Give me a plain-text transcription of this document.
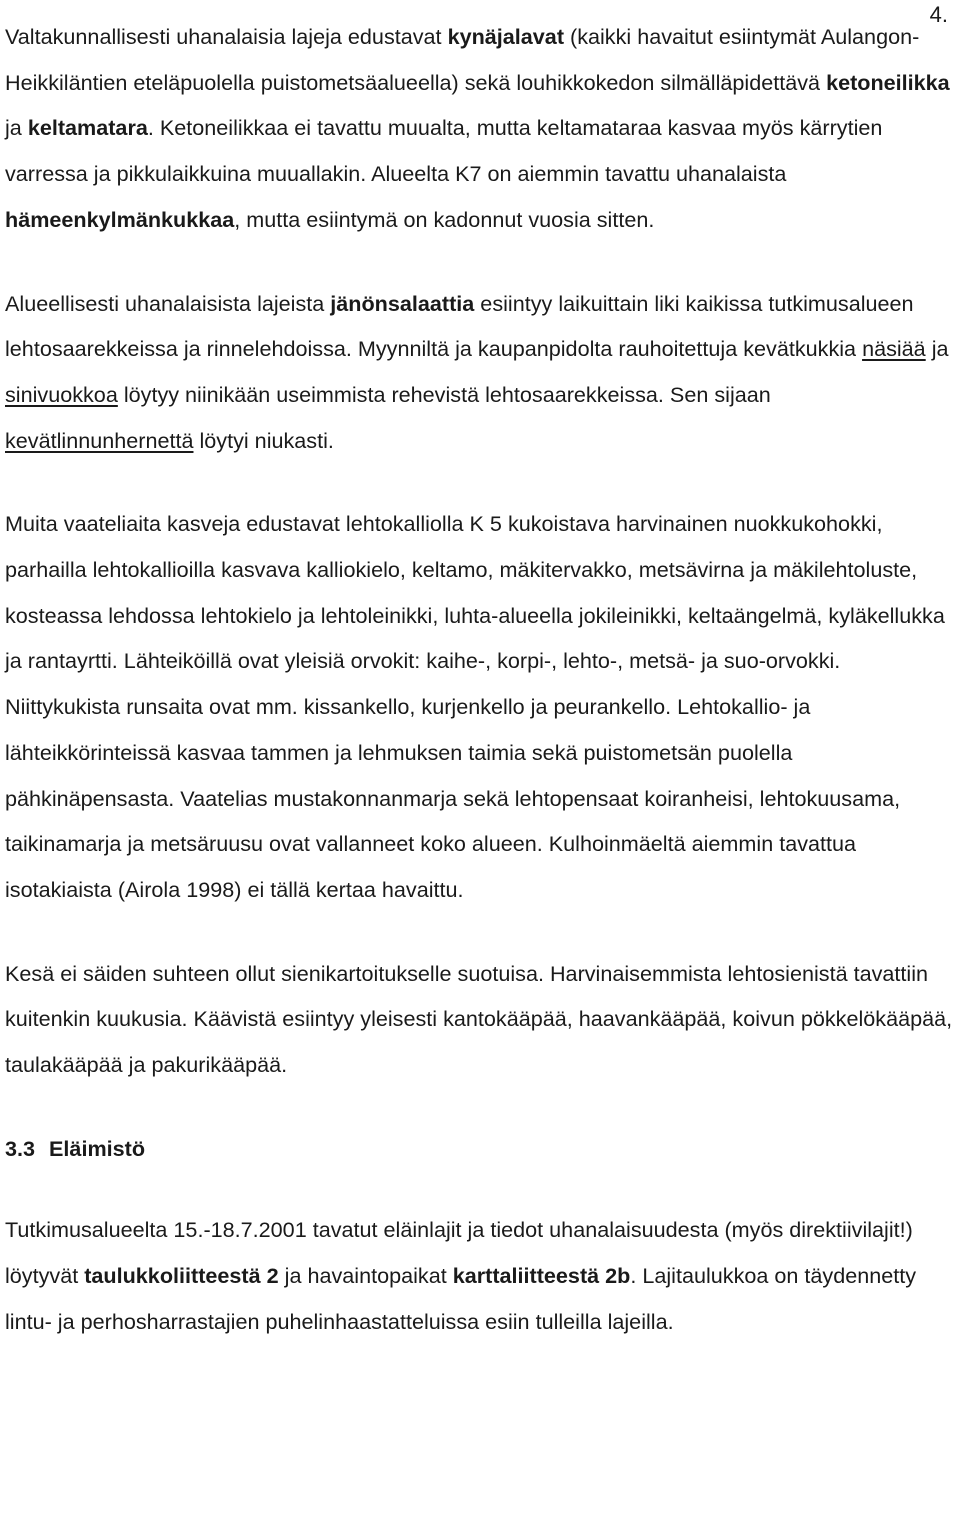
4.

Valtakunnallisesti uhanalaisia lajeja edustavat kynäjalavat (kaikki havaitut esiintymät Aulangon-Heikkiläntien eteläpuolella puistometsäalueella) sekä louhikkokedon silmälläpidettävä ketoneilikka ja keltamatara. Ketoneilikkaa ei tavattu muualta, mutta keltamataraa kasvaa myös kärrytien varressa ja pikkulaikkuina muuallakin. Alueelta K7 on aiemmin tavattu uhanalaista hämeenkylmänkukkaa, mutta esiintymä on kadonnut vuosia sitten.

Alueellisesti uhanalaisista lajeista jänönsalaattia esiintyy laikuittain liki kaikissa tutkimusalueen lehtosaarekkeissa ja rinnelehdoissa. Myynniltä ja kaupanpidolta rauhoitettuja kevätkukkia näsiää ja sinivuokkoa löytyy niinikään useimmista rehevistä lehtosaarekkeissa. Sen sijaan kevätlinnunhernettä löytyi niukasti.

Muita vaateliaita kasveja edustavat lehtokalliolla K 5 kukoistava harvinainen nuokkukohokki, parhailla lehtokallioilla kasvava kalliokielo, keltamo, mäkitervakko, metsävirna ja mäkilehtoluste, kosteassa lehdossa lehtokielo ja lehtoleinikki, luhta-alueella jokileinikki, keltaängelmä, kyläkellukka ja rantayrtti. Lähteiköillä ovat yleisiä orvokit: kaihe-, korpi-, lehto-, metsä- ja suo-orvokki. Niittykukista runsaita ovat mm. kissankello, kurjenkello ja peurankello. Lehtokallio- ja lähteikkörinteissä kasvaa tammen ja lehmuksen taimia sekä puistometsän puolella pähkinäpensasta. Vaatelias mustakonnanmarja sekä lehtopensaat koiranheisi, lehtokuusama, taikinamarja ja metsäruusu ovat vallanneet koko alueen. Kulhoinmäeltä aiemmin tavattua isotakiaista (Airola 1998) ei tällä kertaa havaittu.

Kesä ei säiden suhteen ollut sienikartoitukselle suotuisa. Harvinaisemmista lehtosienistä tavattiin kuitenkin kuukusia. Käävistä esiintyy yleisesti kantokääpää, haavankääpää, koivun pökkelökääpää, taulakääpää ja pakurikääpää.

3.3 Eläimistö

Tutkimusalueelta 15.-18.7.2001 tavatut eläinlajit ja tiedot uhanalaisuudesta (myös direktiivilajit!) löytyvät taulukkoliitteestä 2 ja havaintopaikat karttaliitteestä 2b. Lajitaulukkoa on täydennetty lintu- ja perhosharrastajien puhelinhaastatteluissa esiin tulleilla lajeilla.
